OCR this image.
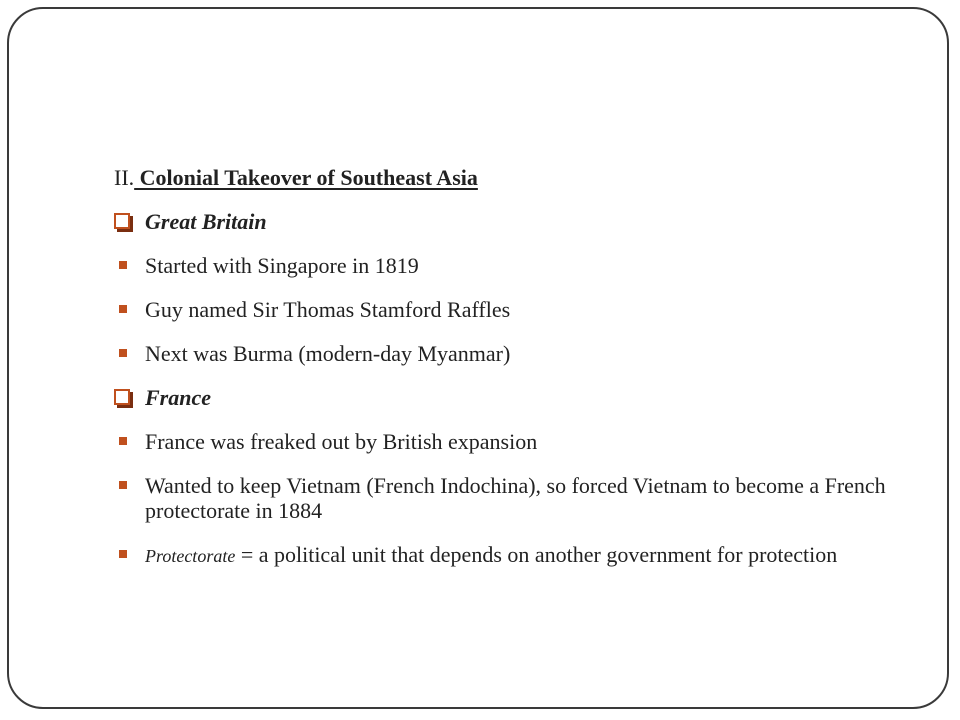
II. Colonial Takeover of Southeast Asia
Great Britain
Started with Singapore in 1819
Guy named Sir Thomas Stamford Raffles
Next was Burma (modern-day Myanmar)
France
France was freaked out by British expansion
Wanted to keep Vietnam (French Indochina), so forced Vietnam to become a French protectorate in 1884
Protectorate = a political unit that depends on another government for protection
